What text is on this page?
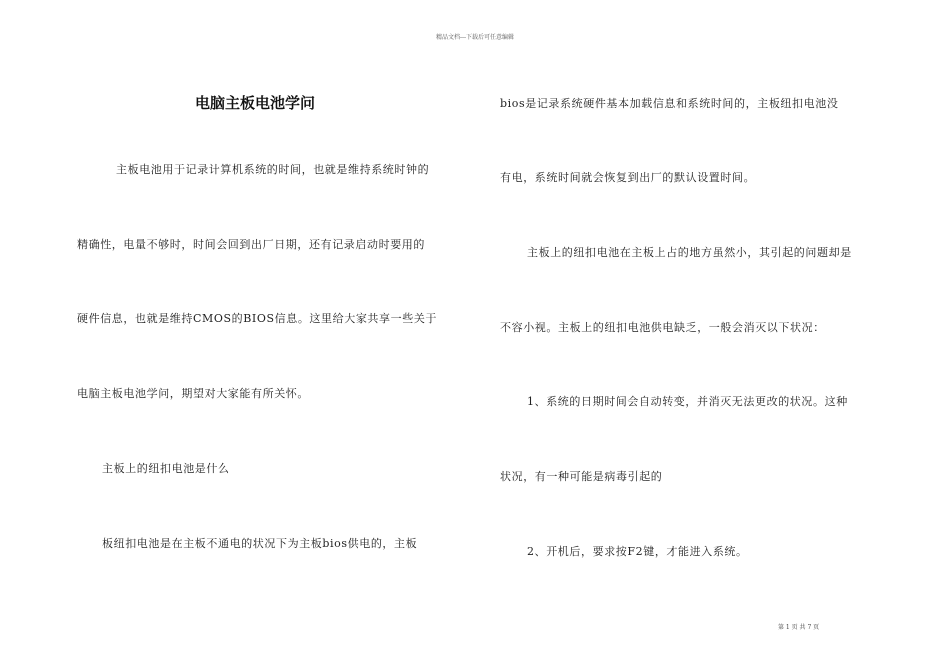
精品文档---下载后可任意编辑
电脑主板电池学问
主板电池用于记录计算机系统的时间，也就是维持系统时钟的
精确性，电量不够时，时间会回到出厂日期，还有记录启动时要用的
硬件信息，也就是维持CMOS的BIOS信息。这里给大家共享一些关于
电脑主板电池学问，期望对大家能有所关怀。
主板上的纽扣电池是什么
板纽扣电池是在主板不通电的状况下为主板bios供电的，主板
bios是记录系统硬件基本加载信息和系统时间的，主板纽扣电池没
有电，系统时间就会恢复到出厂的默认设置时间。
主板上的纽扣电池在主板上占的地方虽然小，其引起的问题却是
不容小视。主板上的纽扣电池供电缺乏，一般会消灭以下状况：
1、系统的日期时间会自动转变，并消灭无法更改的状况。这种
状况，有一种可能是病毒引起的
2、开机后，要求按F2键，才能进入系统。
第 1 页 共 7 页
